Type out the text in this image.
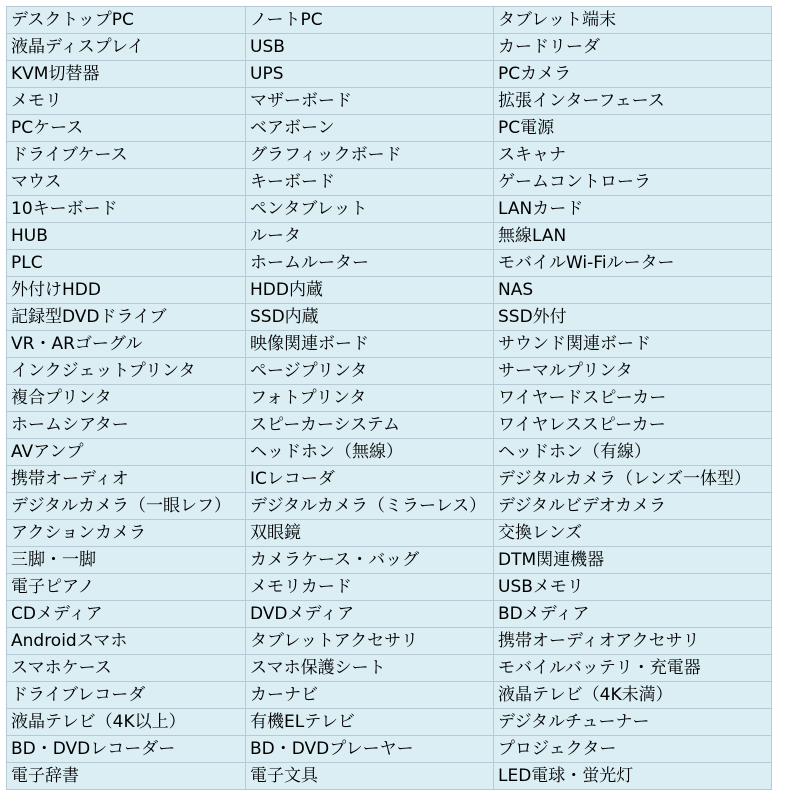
デスクトップPC	ノートPC	タブレット端末
液晶ディスプレイ	USB	カードリーダ
KVM切替器	UPS	PCカメラ
メモリ	マザーボード	拡張インターフェース
PCケース	ベアボーン	PC電源
ドライブケース	グラフィックボード	スキャナ
マウス	キーボード	ゲームコントローラ
10キーボード	ペンタブレット	LANカード
HUB	ルータ	無線LAN
PLC	ホームルーター	モバイルWi-Fiルーター
外付けHDD	HDD内蔵	NAS
記録型DVDドライブ	SSD内蔵	SSD外付
VR・ARゴーグル	映像関連ボード	サウンド関連ボード
インクジェットプリンタ	ページプリンタ	サーマルプリンタ
複合プリンタ	フォトプリンタ	ワイヤードスピーカー
ホームシアター	スピーカーシステム	ワイヤレススピーカー
AVアンプ	ヘッドホン（無線）	ヘッドホン（有線）
携帯オーディオ	ICレコーダ	デジタルカメラ（レンズ一体型）
デジタルカメラ（一眼レフ）	デジタルカメラ（ミラーレス）	デジタルビデオカメラ
アクションカメラ	双眼鏡	交換レンズ
三脚・一脚	カメラケース・バッグ	DTM関連機器
電子ピアノ	メモリカード	USBメモリ
CDメディア	DVDメディア	BDメディア
Androidスマホ	タブレットアクセサリ	携帯オーディオアクセサリ
スマホケース	スマホ保護シート	モバイルバッテリ・充電器
ドライブレコーダ	カーナビ	液晶テレビ（4K未満）
液晶テレビ（4K以上）	有機ELテレビ	デジタルチューナー
BD・DVDレコーダー	BD・DVDプレーヤー	プロジェクター
電子辞書	電子文具	LED電球・蛍光灯
